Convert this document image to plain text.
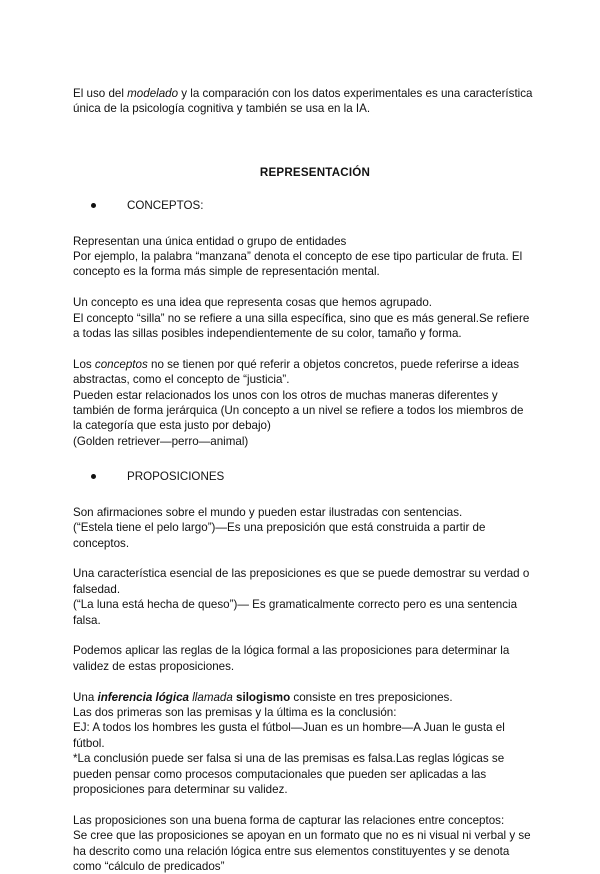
El uso del modelado y la comparación con los datos experimentales es una característica única de la psicología cognitiva y también se usa en la IA.

REPRESENTACIÓN

CONCEPTOS:

Representan una única entidad o grupo de entidades

Por ejemplo, la palabra “manzana” denota el concepto de ese tipo particular de fruta. El concepto es la forma más simple de representación mental.

Un concepto es una idea que representa cosas que hemos agrupado.

El concepto “silla” no se refiere a una silla específica, sino que es más general.Se refiere a todas las sillas posibles independientemente de su color, tamaño y forma.

Los conceptos no se tienen por qué referir a objetos concretos, puede referirse a ideas abstractas, como el concepto de “justicia”.

Pueden estar relacionados los unos con los otros de muchas maneras diferentes y también de forma jerárquica (Un concepto a un nivel se refiere a todos los miembros de la categoría que esta justo por debajo)

(Golden retriever—perro—animal)

PROPOSICIONES

Son afirmaciones sobre el mundo y pueden estar ilustradas con sentencias.

(“Estela tiene el pelo largo”)—Es una preposición que está construida a partir de conceptos.

Una característica esencial de las preposiciones es que se puede demostrar su verdad o falsedad.

(“La luna está hecha de queso”)— Es gramaticalmente correcto pero es una sentencia falsa.

Podemos aplicar las reglas de la lógica formal a las proposiciones para determinar la validez de estas proposiciones.

Una inferencia lógica llamada silogismo consiste en tres preposiciones.

Las dos primeras son las premisas y la última es la conclusión:

EJ: A todos los hombres les gusta el fútbol—Juan es un hombre—A Juan le gusta el fútbol.

*La conclusión puede ser falsa si una de las premisas es falsa.Las reglas lógicas se pueden pensar como procesos computacionales que pueden ser aplicadas a las proposiciones para determinar su validez.

Las proposiciones son una buena forma de capturar las relaciones entre conceptos:

Se cree que las proposiciones se apoyan en un formato que no es ni visual ni verbal y se ha descrito como una relación lógica entre sus elementos constituyentes y se denota como “cálculo de predicados”
